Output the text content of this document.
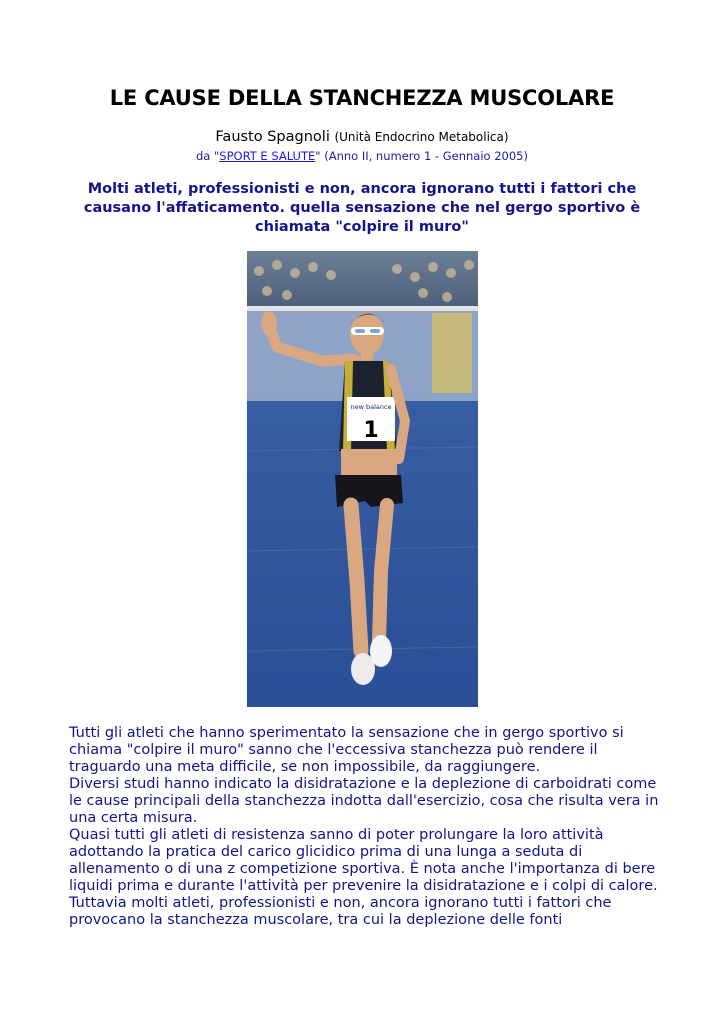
LE CAUSE DELLA STANCHEZZA MUSCOLARE
Fausto Spagnoli (Unità Endocrino Metabolica)
da "SPORT E SALUTE" (Anno II, numero 1 - Gennaio 2005)
Molti atleti, professionisti e non, ancora ignorano tutti i fattori che causano l'affaticamento. quella sensazione che nel gergo sportivo è chiamata "colpire il muro"
new balance
1

Tutti gli atleti che hanno sperimentato la sensazione che in gergo sportivo si chiama "colpire il muro" sanno che l'eccessiva stanchezza può rendere il traguardo una meta difficile, se non impossibile, da raggiungere.

Diversi studi hanno indicato la disidratazione e la deplezione di carboidrati come le cause principali della stanchezza indotta dall'esercizio, cosa che risulta vera in una certa misura.

Quasi tutti gli atleti di resistenza sanno di poter prolungare la loro attività adottando la pratica del carico glicidico prima di una lunga a seduta di allenamento o di una z competizione sportiva. È nota anche l'importanza di bere liquidi prima e durante l'attività per prevenire la disidratazione e i colpi di calore. Tuttavia molti atleti, professionisti e non, ancora ignorano tutti i fattori che provocano la stanchezza muscolare, tra cui la deplezione delle fonti
